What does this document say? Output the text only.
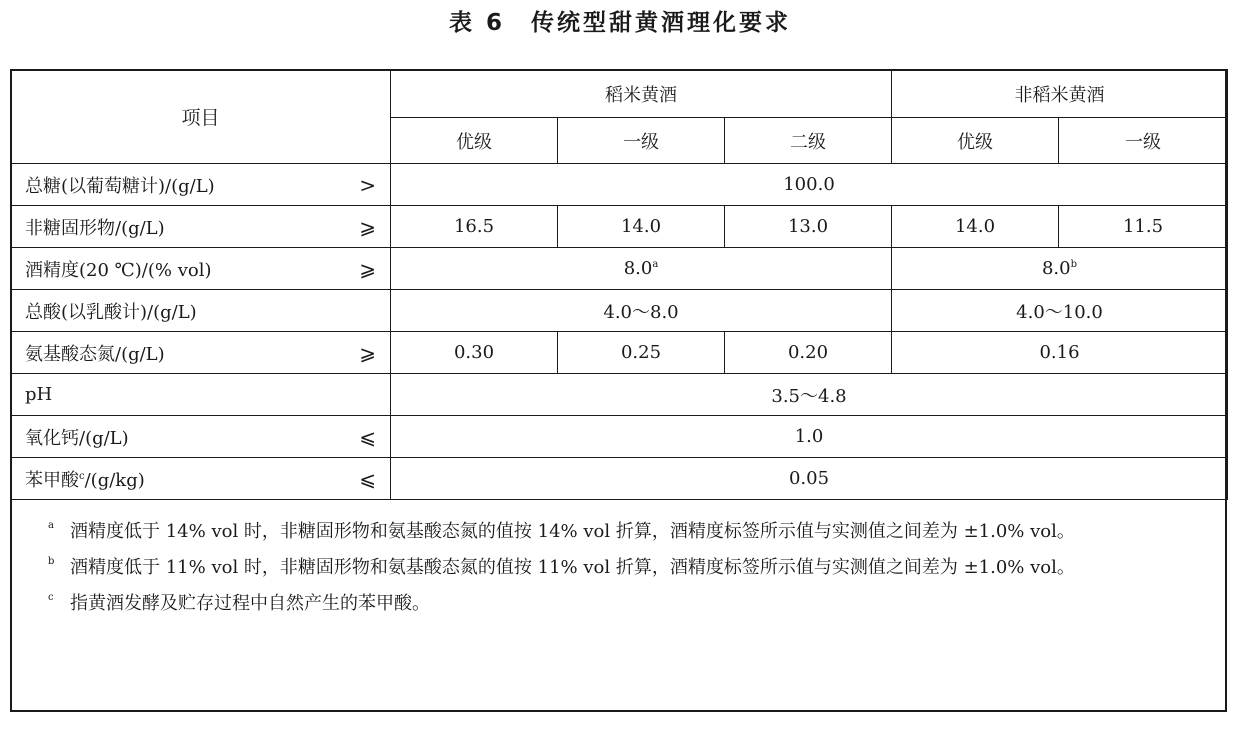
表 6　传统型甜黄酒理化要求
项目	稻米黄酒			非稻米黄酒	
	优级	一级	二级	优级	一级
总糖(以葡萄糖计)/(g/L) >	100.0				
非糖固形物/(g/L) ⩾	16.5	14.0	13.0	14.0	11.5
酒精度(20 ℃)/(% vol) ⩾	8.0$^a$			8.0$^b$
总酸(以乳酸计)/(g/L)	4.0～8.0			4.0～10.0	
氨基酸态氮/(g/L) ⩾	0.30	0.25	0.20	0.16	
pH	3.5～4.8				
氧化钙/(g/L) ⩽	1.0				
苯甲酸$^c$/(g/kg) ⩽	0.05				
a 酒精度低于 14% vol 时，非糖固形物和氨基酸态氮的值按 14% vol 折算，酒精度标签所示值与实测值之间差为 ±1.0% vol。
b 酒精度低于 11% vol 时，非糖固形物和氨基酸态氮的值按 11% vol 折算，酒精度标签所示值与实测值之间差为 ±1.0% vol。
c 指黄酒发酵及贮存过程中自然产生的苯甲酸。
